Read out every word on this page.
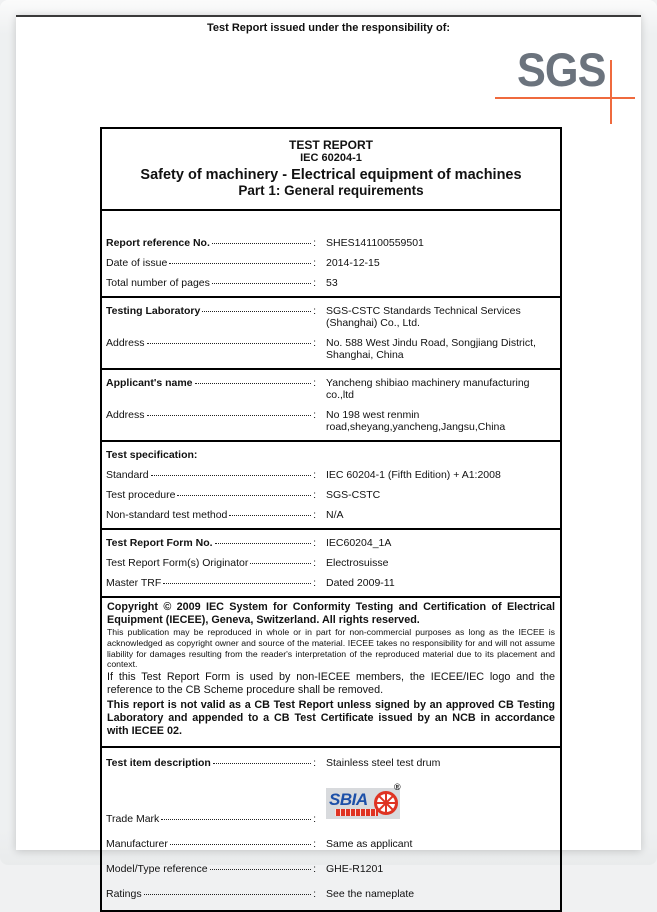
Test Report issued under the responsibility of:
SGS
TEST REPORT
IEC 60204-1
Safety of machinery - Electrical equipment of machines
Part 1: General requirements
Report reference No.	: SHES141100559501
Date of issue	: 2014-12-15
Total number of pages	: 53
Testing Laboratory	: SGS-CSTC Standards Technical Services (Shanghai) Co., Ltd.
Address	: No. 588 West Jindu Road, Songjiang District, Shanghai, China
Applicant's name	: Yancheng shibiao machinery manufacturing co.,ltd
Address	: No 198 west renmin road,sheyang,yancheng,Jangsu,China
Test specification:
Standard	: IEC 60204-1 (Fifth Edition) + A1:2008
Test procedure	: SGS-CSTC
Non-standard test method	: N/A
Test Report Form No.	: IEC60204_1A
Test Report Form(s) Originator	: Electrosuisse
Master TRF	: Dated 2009-11
Copyright © 2009 IEC System for Conformity Testing and Certification of Electrical Equipment (IECEE), Geneva, Switzerland. All rights reserved.
This publication may be reproduced in whole or in part for non-commercial purposes as long as the IECEE is acknowledged as copyright owner and source of the material. IECEE takes no responsibility for and will not assume liability for damages resulting from the reader's interpretation of the reproduced material due to its placement and context.
If this Test Report Form is used by non-IECEE members, the IECEE/IEC logo and the reference to the CB Scheme procedure shall be removed.
This report is not valid as a CB Test Report unless signed by an approved CB Testing Laboratory and appended to a CB Test Certificate issued by an NCB in accordance with IECEE 02.
Test item description	: Stainless steel test drum
Trade Mark	:
SBIA
®
Manufacturer	: Same as applicant
Model/Type reference	: GHE-R1201
Ratings	: See the nameplate
